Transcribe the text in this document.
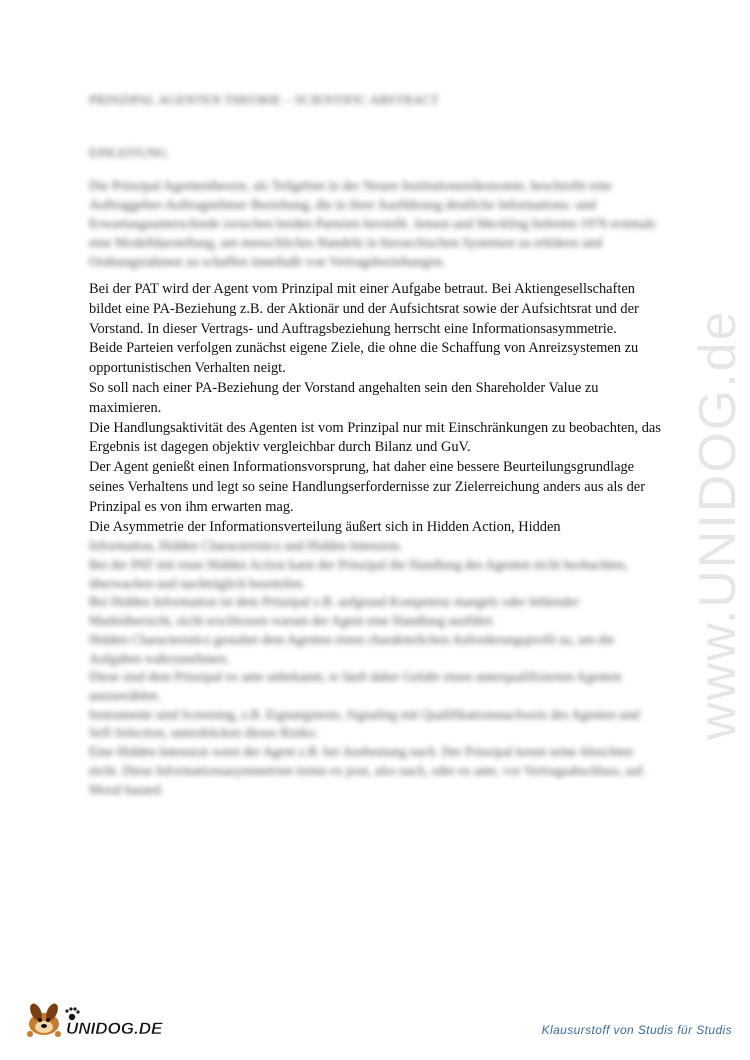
PRINZIPAL AGENTEN THEORIE – SCIENTIFIC ABSTRACT
EINLEITUNG

Die Prinzipal Agententheorie, als Teilgebiet in der Neuen Institutionenökonomie, beschreibt eine Auftraggeber-Auftragnehmer Beziehung, die in ihrer Ausführung deutliche Informations- und Erwartungsunterschiede zwischen beiden Parteien herstellt. Jensen und Meckling lieferten 1976 erstmals eine Modelldarstellung, um menschliches Handeln in hierarchischen Systemen zu erklären und Ordnungsrahmen zu schaffen innerhalb von Vertragsbeziehungen.

Bei der PAT wird der Agent vom Prinzipal mit einer Aufgabe betraut. Bei Aktiengesellschaften bildet eine PA-Beziehung z.B. der Aktionär und der Aufsichtsrat sowie der Aufsichtsrat und der Vorstand. In dieser Vertrags- und Auftragsbeziehung herrscht eine Informationsasymmetrie.

Beide Parteien verfolgen zunächst eigene Ziele, die ohne die Schaffung von Anreizsystemen zu opportunistischen Verhalten neigt.

So soll nach einer PA-Beziehung der Vorstand angehalten sein den Shareholder Value zu maximieren.

Die Handlungsaktivität des Agenten ist vom Prinzipal nur mit Einschränkungen zu beobachten, das Ergebnis ist dagegen objektiv vergleichbar durch Bilanz und GuV.

Der Agent genießt einen Informationsvorsprung, hat daher eine bessere Beurteilungsgrundlage seines Verhaltens und legt so seine Handlungserfordernisse zur Zielerreichung anders aus als der Prinzipal es von ihm erwarten mag.

Die Asymmetrie der Informationsverteilung äußert sich in Hidden Action, Hidden

Information, Hidden Characteristics und Hidden Intension.

Bei der PAT mit einer Hidden Action kann der Prinzipal die Handlung des Agenten nicht beobachten, überwachen und nachträglich beurteilen.

Bei Hidden Information ist dem Prinzipal z.B. aufgrund Kompetenz mangels oder fehlender Marktübersicht, nicht erschlossen warum der Agent eine Handlung ausführt.

Hidden Characteristics gestaltet dem Agenten einen charakterlichen Anforderungsprofil zu, um die Aufgaben wahrzunehmen.

Diese sind dem Prinzipal ex ante unbekannt, er läuft daher Gefahr einen unterqualifizierten Agenten auszuwählen.

Instrumente sind Screening, z.B. Eignungstests, Signaling mit Qualifikationsnachweis des Agenten und Self-Selection, unterdrücken dieses Risiko.

Eine Hidden Intension weist der Agent z.B. bei Ausbeutung nach. Der Prinzipal kennt seine Absichten nicht. Diese Informationsasymmetrien treten ex post, also nach, oder ex ante, vor Vertragsabschluss, auf.

Moral hazard.

www.UNIDOG.de
UNIDOG.DE	Klausurstoff von Studis für Studis
